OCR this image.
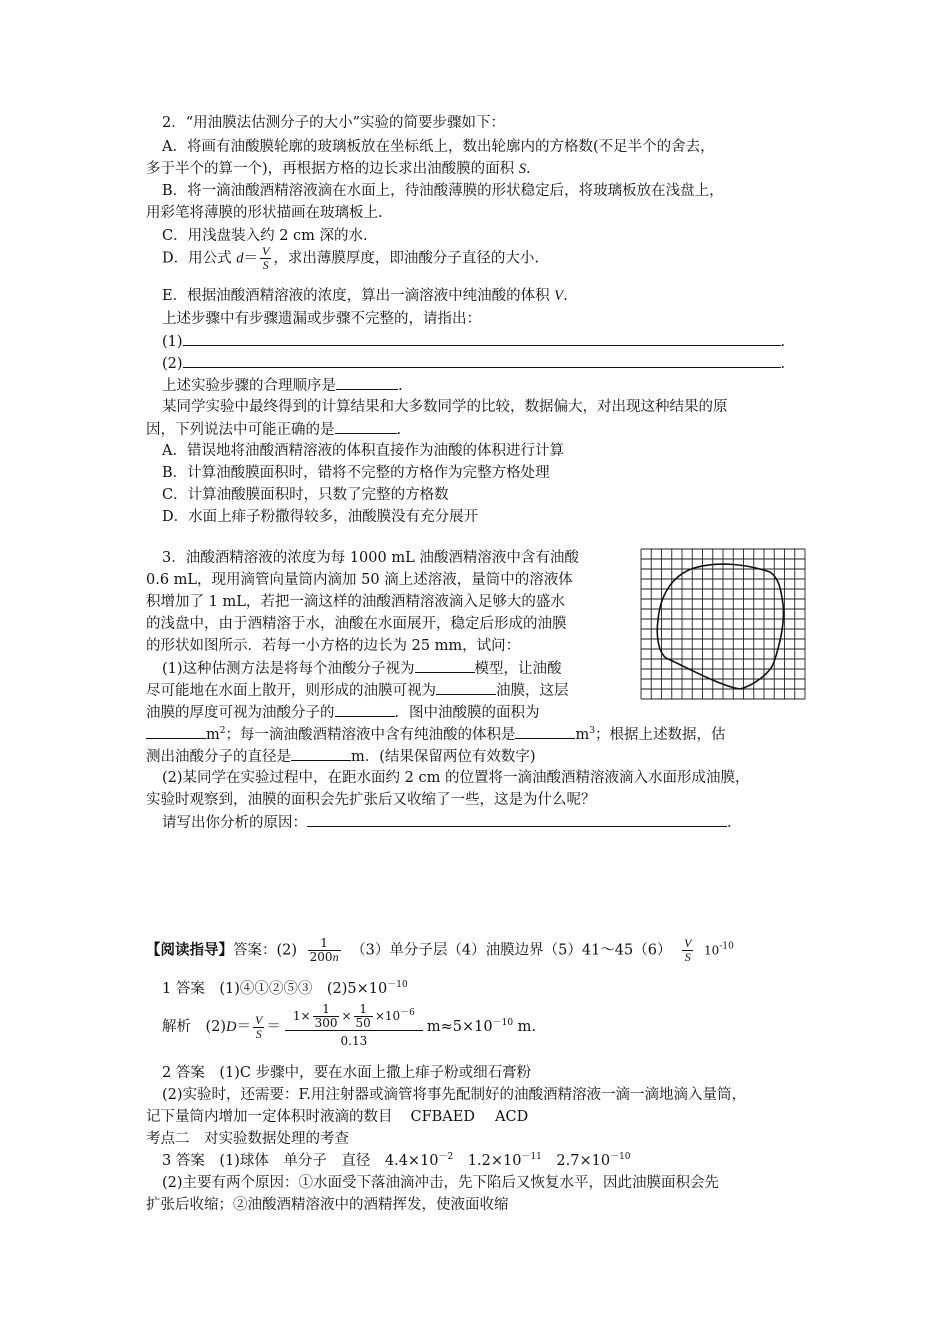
2．“用油膜法估测分子的大小”实验的简要步骤如下：
A．将画有油酸膜轮廓的玻璃板放在坐标纸上，数出轮廓内的方格数(不足半个的舍去，
多于半个的算一个)，再根据方格的边长求出油酸膜的面积 S.
B．将一滴油酸酒精溶液滴在水面上，待油酸薄膜的形状稳定后，将玻璃板放在浅盘上，
用彩笔将薄膜的形状描画在玻璃板上.
C．用浅盘装入约 2 cm 深的水.
D．用公式 $d= \frac{V}{S}$ ，求出薄膜厚度，即油酸分子直径的大小.
E．根据油酸酒精溶液的浓度，算出一滴溶液中纯油酸的体积 V.
上述步骤中有步骤遗漏或步骤不完整的，请指出：
(1)	.
(2)	.
上述实验步骤的合理顺序是	.
某同学实验中最终得到的计算结果和大多数同学的比较，数据偏大，对出现这种结果的原
因，下列说法中可能正确的是	.
A．错误地将油酸酒精溶液的体积直接作为油酸的体积进行计算
B．计算油酸膜面积时，错将不完整的方格作为完整方格处理
C．计算油酸膜面积时，只数了完整的方格数
D．水面上痱子粉撒得较多，油酸膜没有充分展开
3．油酸酒精溶液的浓度为每 1000 mL 油酸酒精溶液中含有油酸
0.6 mL，现用滴管向量筒内滴加 50 滴上述溶液，量筒中的溶液体
积增加了 1 mL，若把一滴这样的油酸酒精溶液滴入足够大的盛水
的浅盘中，由于酒精溶于水，油酸在水面展开，稳定后形成的油膜
的形状如图所示．若每一小方格的边长为 25 mm，试问：
(1)这种估测方法是将每个油酸分子视为	模型，让油酸
尽可能地在水面上散开，则形成的油膜可视为	油膜，这层
油膜的厚度可视为油酸分子的	．图中油酸膜的面积为
$m^2$；每一滴油酸酒精溶液中含有纯油酸的体积是	$m^3$；根据上述数据，估
测出油酸分子的直径是	m．(结果保留两位有效数字)
(2)某同学在实验过程中，在距水面约 2 cm 的位置将一滴油酸酒精溶液滴入水面形成油膜，
实验时观察到，油膜的面积会先扩张后又收缩了一些，这是为什么呢？
请写出你分析的原因：	.
【阅读指导】答案：$(2) \frac{1}{200n} (3)$单分子层（4）油膜边界（5）41～45（6） $\frac{V}{S} 10^{-10}$
1 答案　(1)④①②⑤③　$(2)5\times 10^{-10}$
解析　$(2)D= \frac{V}{S} = \frac{1\times \frac{1}{300} \times \frac{1}{50} \times 10^{-6}}{0.13} m\approx 5\times 10^{-10}$ m.
2 答案　(1)C 步骤中，要在水面上撒上痱子粉或细石膏粉
(2)实验时，还需要：F.用注射器或滴管将事先配制好的油酸酒精溶液一滴一滴地滴入量筒，
记下量筒内增加一定体积时液滴的数目 CFBAED ACD
考点二　对实验数据处理的考查
3 答案　(1)球体　单分子　直径　$4.4\times 10^{-2}$　$1.2\times 10^{-11}$　$2.7\times 10^{-10}$
(2)主要有两个原因：①水面受下落油滴冲击，先下陷后又恢复水平，因此油膜面积会先
扩张后收缩；②油酸酒精溶液中的酒精挥发，使液面收缩
